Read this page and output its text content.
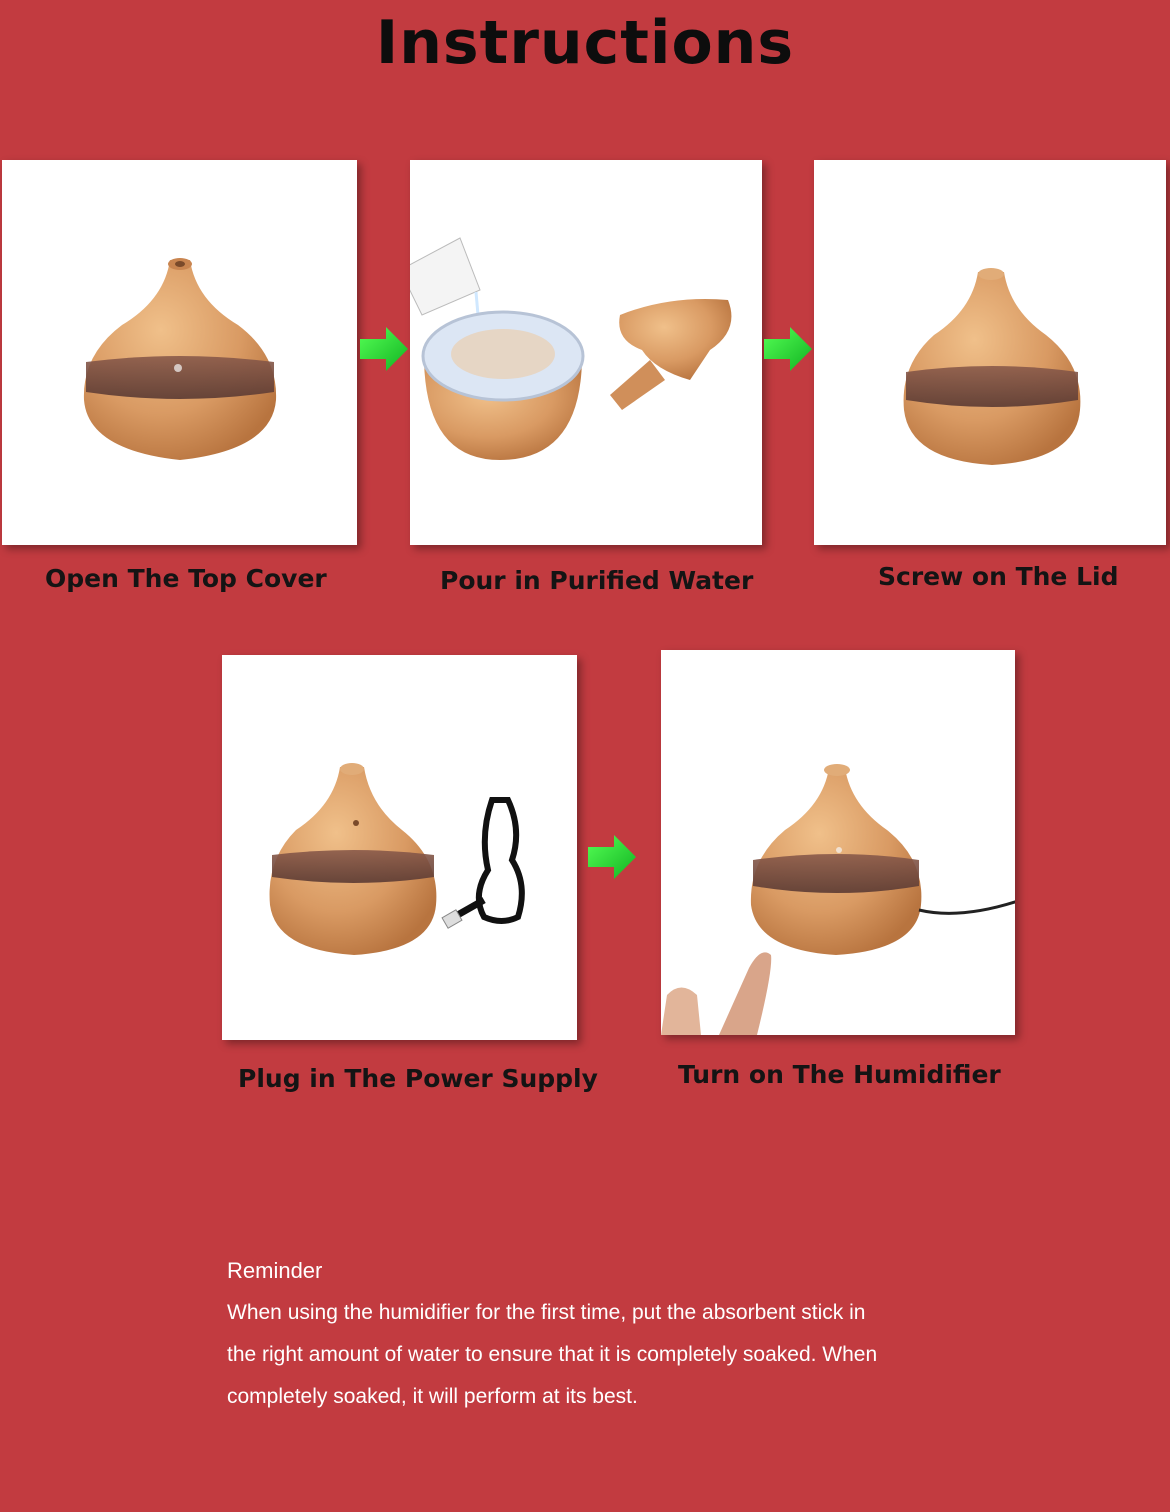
Instructions
Open The Top Cover	Pour in Purified Water	Screw on The Lid
Plug in The Power Supply	Turn on The Humidifier
Reminder
When using the humidifier for the first time, put the absorbent stick in
the right amount of water to ensure that it is completely soaked. When
completely soaked, it will perform at its best.
